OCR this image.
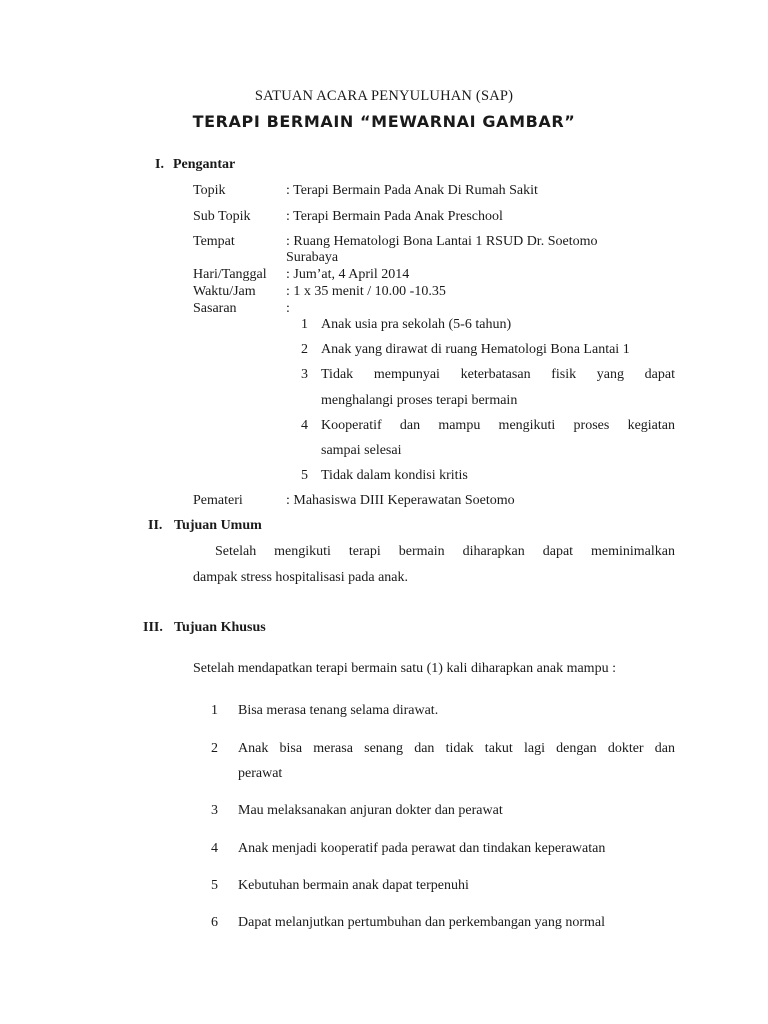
SATUAN ACARA PENYULUHAN (SAP)
TERAPI BERMAIN “MEWARNAI GAMBAR”
I. Pengantar
Topik	: Terapi Bermain Pada Anak Di Rumah Sakit
Sub Topik	: Terapi Bermain Pada Anak Preschool
Tempat	: Ruang Hematologi Bona Lantai 1 RSUD Dr. Soetomo
Surabaya
Hari/Tanggal : Jum’at, 4 April 2014
Waktu/Jam : 1 x 35 menit / 10.00 -10.35
Sasaran	:
1 Anak usia pra sekolah (5-6 tahun)
2 Anak yang dirawat di ruang Hematologi Bona Lantai 1
3 Tidak mempunyai keterbatasan fisik yang dapat
menghalangi proses terapi bermain
4 Kooperatif dan mampu mengikuti proses kegiatan
sampai selesai
5 Tidak dalam kondisi kritis
Pemateri	: Mahasiswa DIII Keperawatan Soetomo
II. Tujuan Umum
Setelah mengikuti terapi bermain diharapkan dapat meminimalkan
dampak stress hospitalisasi pada anak.
III. Tujuan Khusus
Setelah mendapatkan terapi bermain satu (1) kali diharapkan anak mampu :
1 Bisa merasa tenang selama dirawat.
2 Anak bisa merasa senang dan tidak takut lagi dengan dokter dan
perawat
3 Mau melaksanakan anjuran dokter dan perawat
4 Anak menjadi kooperatif pada perawat dan tindakan keperawatan
5 Kebutuhan bermain anak dapat terpenuhi
6 Dapat melanjutkan pertumbuhan dan perkembangan yang normal
